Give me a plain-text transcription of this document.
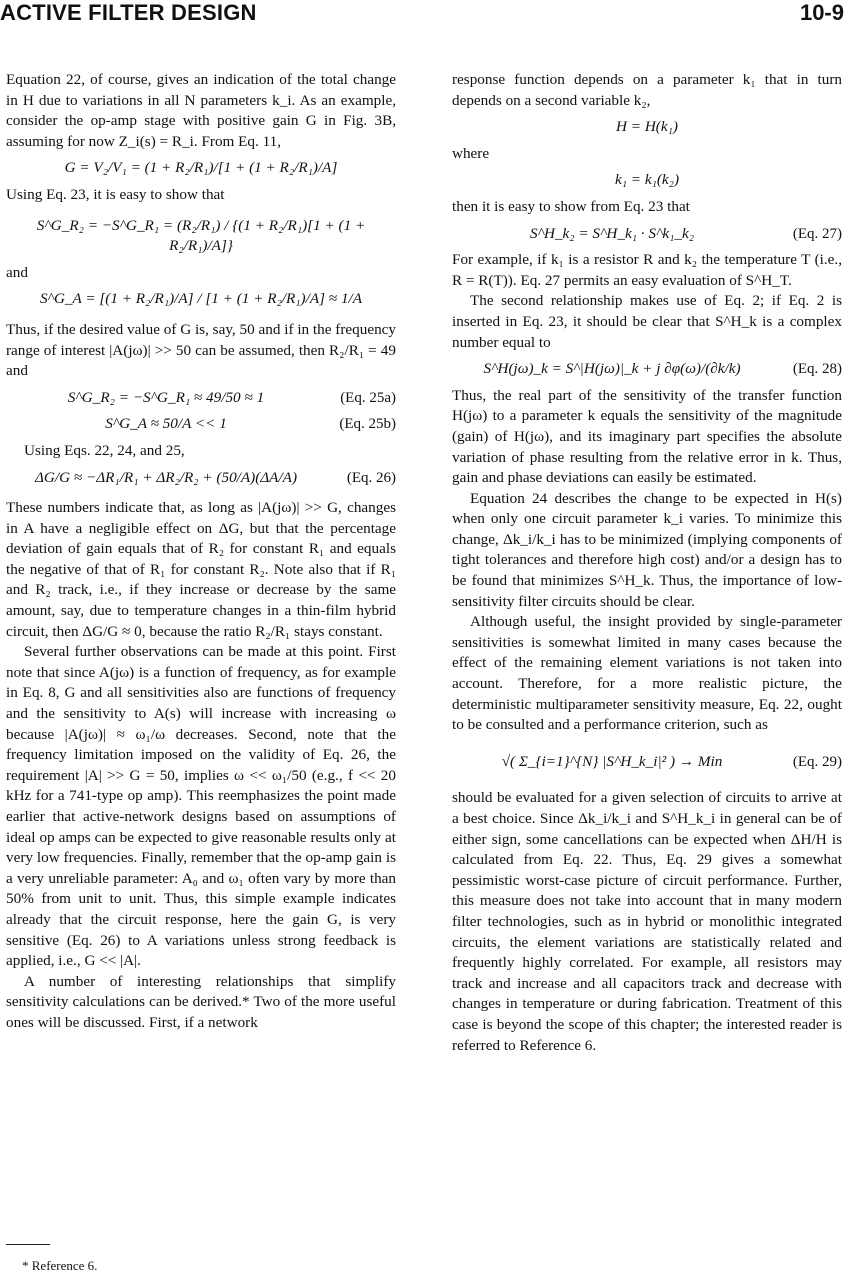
ACTIVE FILTER DESIGN	10-9

Equation 22, of course, gives an indication of the total change in H due to variations in all N parameters k_i. As an example, consider the op-amp stage with positive gain G in Fig. 3B, assuming for now Z_i(s) = R_i. From Eq. 11,

G = V₂/V₁ = (1 + R₂/R₁)/[1 + (1 + R₂/R₁)/A]

Using Eq. 23, it is easy to show that

S^G_R₂ = −S^G_R₁ = (R₂/R₁) / {(1 + R₂/R₁)[1 + (1 + R₂/R₁)/A]}

and

S^G_A = [(1 + R₂/R₁)/A] / [1 + (1 + R₂/R₁)/A] ≈ 1/A

Thus, if the desired value of G is, say, 50 and if in the frequency range of interest |A(jω)| >> 50 can be assumed, then R₂/R₁ = 49 and

S^G_R₂ = −S^G_R₁ ≈ 49/50 ≈ 1	(Eq. 25a)
S^G_A ≈ 50/A << 1	(Eq. 25b)

Using Eqs. 22, 24, and 25,

ΔG/G ≈ −ΔR₁/R₁ + ΔR₂/R₂ + (50/A)(ΔA/A)	(Eq. 26)

These numbers indicate that, as long as |A(jω)| >> G, changes in A have a negligible effect on ΔG, but that the percentage deviation of gain equals that of R₂ for constant R₁ and equals the negative of that of R₁ for constant R₂. Note also that if R₁ and R₂ track, i.e., if they increase or decrease by the same amount, say, due to temperature changes in a thin-film hybrid circuit, then ΔG/G ≈ 0, because the ratio R₂/R₁ stays constant.

Several further observations can be made at this point. First note that since A(jω) is a function of frequency, as for example in Eq. 8, G and all sensitivities also are functions of frequency and the sensitivity to A(s) will increase with increasing ω because |A(jω)| ≈ ω₁/ω decreases. Second, note that the frequency limitation imposed on the validity of Eq. 26, the requirement |A| >> G = 50, implies ω << ω₁/50 (e.g., f << 20 kHz for a 741-type op amp). This reemphasizes the point made earlier that active-network designs based on assumptions of ideal op amps can be expected to give reasonable results only at very low frequencies. Finally, remember that the op-amp gain is a very unreliable parameter: A₀ and ω₁ often vary by more than 50% from unit to unit. Thus, this simple example indicates already that the circuit response, here the gain G, is very sensitive (Eq. 26) to A variations unless strong feedback is applied, i.e., G << |A|.

A number of interesting relationships that simplify sensitivity calculations can be derived.* Two of the more useful ones will be discussed. First, if a network

response function depends on a parameter k₁ that in turn depends on a second variable k₂,

H = H(k₁)

where

k₁ = k₁(k₂)

then it is easy to show from Eq. 23 that

S^H_k₂ = S^H_k₁ · S^k₁_k₂	(Eq. 27)

For example, if k₁ is a resistor R and k₂ the temperature T (i.e., R = R(T)). Eq. 27 permits an easy evaluation of S^H_T.

The second relationship makes use of Eq. 2; if Eq. 2 is inserted in Eq. 23, it should be clear that S^H_k is a complex number equal to

S^H(jω)_k = S^|H(jω)|_k + j ∂φ(ω)/(∂k/k)	(Eq. 28)

Thus, the real part of the sensitivity of the transfer function H(jω) to a parameter k equals the sensitivity of the magnitude (gain) of H(jω), and its imaginary part specifies the absolute variation of phase resulting from the relative error in k. Thus, gain and phase deviations can easily be estimated.

Equation 24 describes the change to be expected in H(s) when only one circuit parameter k_i varies. To minimize this change, Δk_i/k_i has to be minimized (implying components of tight tolerances and therefore high cost) and/or a design has to be found that minimizes S^H_k. Thus, the importance of low-sensitivity filter circuits should be clear.

Although useful, the insight provided by single-parameter sensitivities is somewhat limited in many cases because the effect of the remaining element variations is not taken into account. Therefore, for a more realistic picture, the deterministic multiparameter sensitivity measure, Eq. 22, ought to be consulted and a performance criterion, such as

√( Σ_{i=1}^{N} |S^H_k_i|² ) → Min	(Eq. 29)

should be evaluated for a given selection of circuits to arrive at a best choice. Since Δk_i/k_i and S^H_k_i in general can be of either sign, some cancellations can be expected when ΔH/H is calculated from Eq. 22. Thus, Eq. 29 gives a somewhat pessimistic worst-case picture of circuit performance. Further, this measure does not take into account that in many modern filter technologies, such as in hybrid or monolithic integrated circuits, the element variations are statistically related and frequently highly correlated. For example, all resistors may track and increase and all capacitors track and decrease with changes in temperature or during fabrication. Treatment of this case is beyond the scope of this chapter; the interested reader is referred to Reference 6.

* Reference 6.
